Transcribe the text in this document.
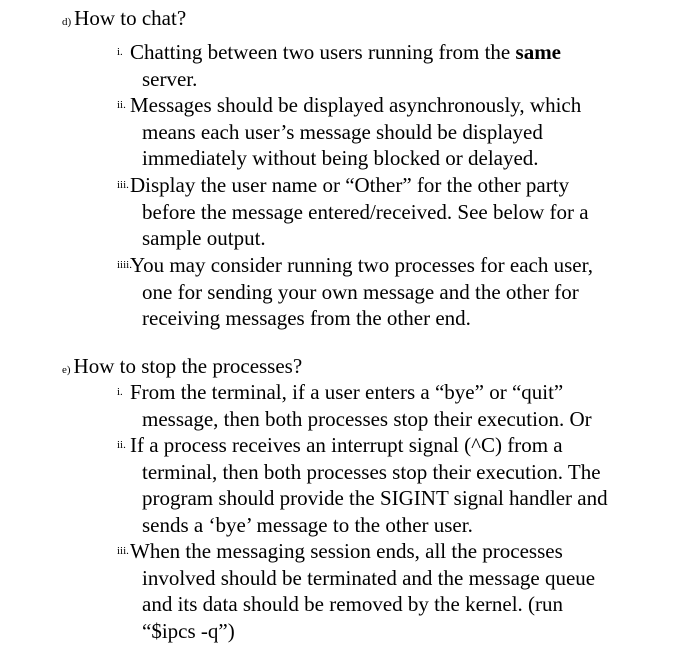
d) How to chat?
i. Chatting between two users running from the same
server.
ii. Messages should be displayed asynchronously, which
means each user’s message should be displayed
immediately without being blocked or delayed.
iii. Display the user name or “Other” for the other party
before the message entered/received. See below for a
sample output.
iiii.
You may consider running two processes for each user,
one for sending your own message and the other for
receiving messages from the other end.
e) How to stop the processes?
i. From the terminal, if a user enters a “bye” or “quit”
message, then both processes stop their execution. Or
ii. If a process receives an interrupt signal (^C) from a
terminal, then both processes stop their execution. The
program should provide the SIGINT signal handler and
sends a ‘bye’ message to the other user.
iii. When the messaging session ends, all the processes
involved should be terminated and the message queue
and its data should be removed by the kernel. (run
“$ipcs -q”)
